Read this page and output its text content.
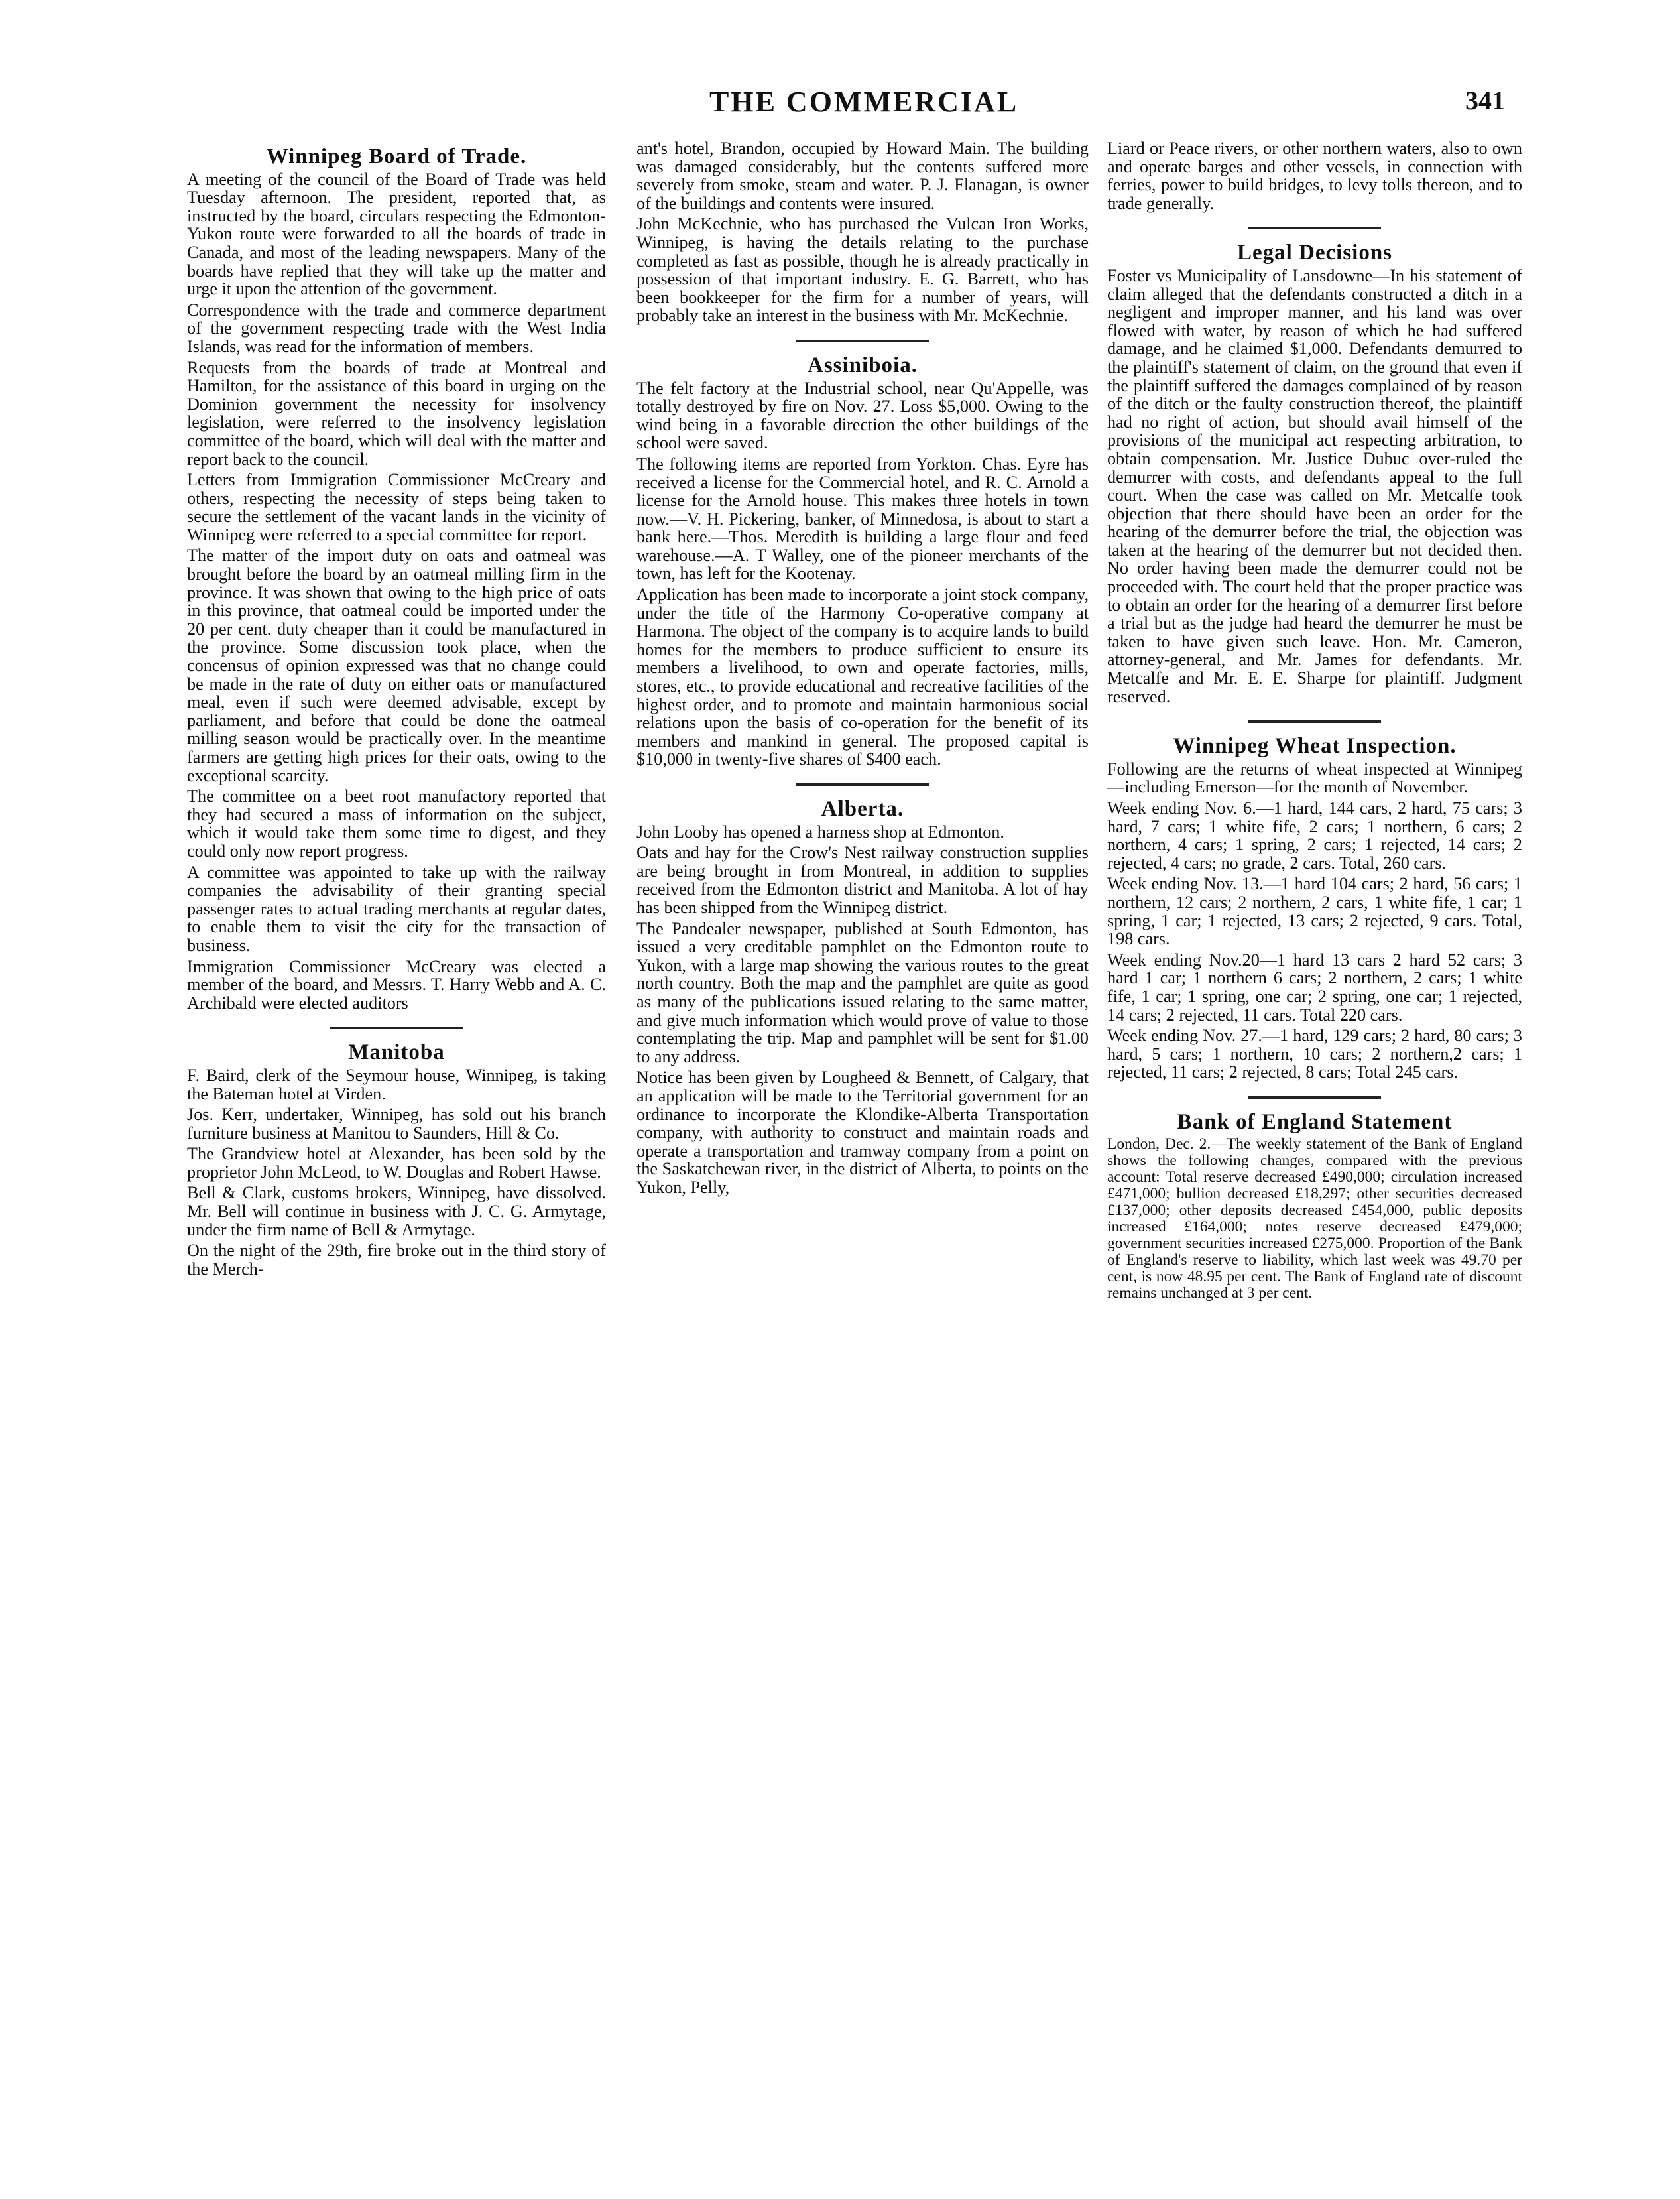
THE COMMERCIAL	341
Winnipeg Board of Trade.

A meeting of the council of the Board of Trade was held Tuesday afternoon. The president, reported that, as instructed by the board, circulars respecting the Edmonton-Yukon route were forwarded to all the boards of trade in Canada, and most of the leading newspapers. Many of the boards have replied that they will take up the matter and urge it upon the attention of the government.

Correspondence with the trade and commerce department of the government respecting trade with the West India Islands, was read for the information of members.

Requests from the boards of trade at Montreal and Hamilton, for the assistance of this board in urging on the Dominion government the necessity for insolvency legislation, were referred to the insolvency legislation committee of the board, which will deal with the matter and report back to the council.

Letters from Immigration Commissioner McCreary and others, respecting the necessity of steps being taken to secure the settlement of the vacant lands in the vicinity of Winnipeg were referred to a special committee for report.

The matter of the import duty on oats and oatmeal was brought before the board by an oatmeal milling firm in the province. It was shown that owing to the high price of oats in this province, that oatmeal could be imported under the 20 per cent. duty cheaper than it could be manufactured in the province. Some discussion took place, when the concensus of opinion expressed was that no change could be made in the rate of duty on either oats or manufactured meal, even if such were deemed advisable, except by parliament, and before that could be done the oatmeal milling season would be practically over. In the meantime farmers are getting high prices for their oats, owing to the exceptional scarcity.

The committee on a beet root manufactory reported that they had secured a mass of information on the subject, which it would take them some time to digest, and they could only now report progress.

A committee was appointed to take up with the railway companies the advisability of their granting special passenger rates to actual trading merchants at regular dates, to enable them to visit the city for the transaction of business.

Immigration Commissioner McCreary was elected a member of the board, and Messrs. T. Harry Webb and A. C. Archibald were elected auditors

Manitoba

F. Baird, clerk of the Seymour house, Winnipeg, is taking the Bateman hotel at Virden.

Jos. Kerr, undertaker, Winnipeg, has sold out his branch furniture business at Manitou to Saunders, Hill & Co.

The Grandview hotel at Alexander, has been sold by the proprietor John McLeod, to W. Douglas and Robert Hawse.

Bell & Clark, customs brokers, Winnipeg, have dissolved. Mr. Bell will continue in business with J. C. G. Armytage, under the firm name of Bell & Armytage.

On the night of the 29th, fire broke out in the third story of the Merch-

ant's hotel, Brandon, occupied by Howard Main. The building was damaged considerably, but the contents suffered more severely from smoke, steam and water. P. J. Flanagan, is owner of the buildings and contents were insured.

John McKechnie, who has purchased the Vulcan Iron Works, Winnipeg, is having the details relating to the purchase completed as fast as possible, though he is already practically in possession of that important industry. E. G. Barrett, who has been bookkeeper for the firm for a number of years, will probably take an interest in the business with Mr. McKechnie.

Assiniboia.

The felt factory at the Industrial school, near Qu'Appelle, was totally destroyed by fire on Nov. 27. Loss $5,000. Owing to the wind being in a favorable direction the other buildings of the school were saved.

The following items are reported from Yorkton. Chas. Eyre has received a license for the Commercial hotel, and R. C. Arnold a license for the Arnold house. This makes three hotels in town now.—V. H. Pickering, banker, of Minnedosa, is about to start a bank here.—Thos. Meredith is building a large flour and feed warehouse.—A. T Walley, one of the pioneer merchants of the town, has left for the Kootenay.

Application has been made to incorporate a joint stock company, under the title of the Harmony Co-operative company at Harmona. The object of the company is to acquire lands to build homes for the members to produce sufficient to ensure its members a livelihood, to own and operate factories, mills, stores, etc., to provide educational and recreative facilities of the highest order, and to promote and maintain harmonious social relations upon the basis of co-operation for the benefit of its members and mankind in general. The proposed capital is $10,000 in twenty-five shares of $400 each.

Alberta.

John Looby has opened a harness shop at Edmonton.

Oats and hay for the Crow's Nest railway construction supplies are being brought in from Montreal, in addition to supplies received from the Edmonton district and Manitoba. A lot of hay has been shipped from the Winnipeg district.

The Pandealer newspaper, published at South Edmonton, has issued a very creditable pamphlet on the Edmonton route to Yukon, with a large map showing the various routes to the great north country. Both the map and the pamphlet are quite as good as many of the publications issued relating to the same matter, and give much information which would prove of value to those contemplating the trip. Map and pamphlet will be sent for $1.00 to any address.

Notice has been given by Lougheed & Bennett, of Calgary, that an application will be made to the Territorial government for an ordinance to incorporate the Klondike-Alberta Transportation company, with authority to construct and maintain roads and operate a transportation and tramway company from a point on the Saskatchewan river, in the district of Alberta, to points on the Yukon, Pelly,

Liard or Peace rivers, or other northern waters, also to own and operate barges and other vessels, in connection with ferries, power to build bridges, to levy tolls thereon, and to trade generally.

Legal Decisions

Foster vs Municipality of Lansdowne—In his statement of claim alleged that the defendants constructed a ditch in a negligent and improper manner, and his land was over flowed with water, by reason of which he had suffered damage, and he claimed $1,000. Defendants demurred to the plaintiff's statement of claim, on the ground that even if the plaintiff suffered the damages complained of by reason of the ditch or the faulty construction thereof, the plaintiff had no right of action, but should avail himself of the provisions of the municipal act respecting arbitration, to obtain compensation. Mr. Justice Dubuc over-ruled the demurrer with costs, and defendants appeal to the full court. When the case was called on Mr. Metcalfe took objection that there should have been an order for the hearing of the demurrer before the trial, the objection was taken at the hearing of the demurrer but not decided then. No order having been made the demurrer could not be proceeded with. The court held that the proper practice was to obtain an order for the hearing of a demurrer first before a trial but as the judge had heard the demurrer he must be taken to have given such leave. Hon. Mr. Cameron, attorney-general, and Mr. James for defendants. Mr. Metcalfe and Mr. E. E. Sharpe for plaintiff. Judgment reserved.

Winnipeg Wheat Inspection.

Following are the returns of wheat inspected at Winnipeg—including Emerson—for the month of November.

Week ending Nov. 6.—1 hard, 144 cars, 2 hard, 75 cars; 3 hard, 7 cars; 1 white fife, 2 cars; 1 northern, 6 cars; 2 northern, 4 cars; 1 spring, 2 cars; 1 rejected, 14 cars; 2 rejected, 4 cars; no grade, 2 cars. Total, 260 cars.

Week ending Nov. 13.—1 hard 104 cars; 2 hard, 56 cars; 1 northern, 12 cars; 2 northern, 2 cars, 1 white fife, 1 car; 1 spring, 1 car; 1 rejected, 13 cars; 2 rejected, 9 cars. Total, 198 cars.

Week ending Nov.20—1 hard 13 cars 2 hard 52 cars; 3 hard 1 car; 1 northern 6 cars; 2 northern, 2 cars; 1 white fife, 1 car; 1 spring, one car; 2 spring, one car; 1 rejected, 14 cars; 2 rejected, 11 cars. Total 220 cars.

Week ending Nov. 27.—1 hard, 129 cars; 2 hard, 80 cars; 3 hard, 5 cars; 1 northern, 10 cars; 2 northern,2 cars; 1 rejected, 11 cars; 2 rejected, 8 cars; Total 245 cars.

Bank of England Statement

London, Dec. 2.—The weekly statement of the Bank of England shows the following changes, compared with the previous account: Total reserve decreased £490,000; circulation increased £471,000; bullion decreased £18,297; other securities decreased £137,000; other deposits decreased £454,000, public deposits increased £164,000; notes reserve decreased £479,000; government securities increased £275,000. Proportion of the Bank of England's reserve to liability, which last week was 49.70 per cent, is now 48.95 per cent. The Bank of England rate of discount remains unchanged at 3 per cent.
